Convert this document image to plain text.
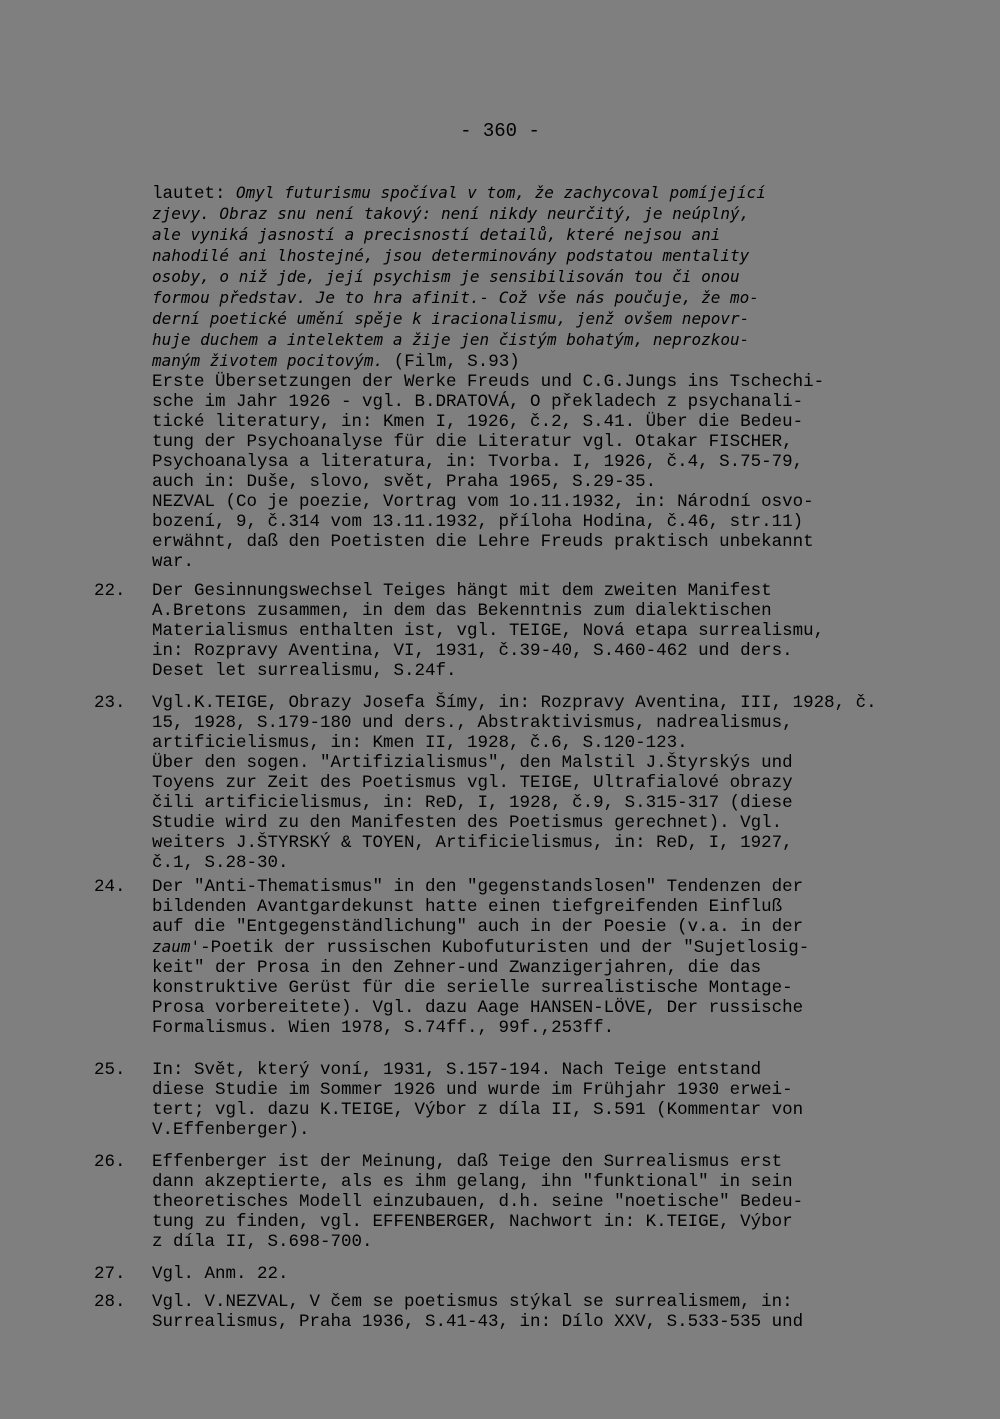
- 360 -
lautet: Omyl futurismu spočíval v tom, že zachycoval pomíjející
zjevy. Obraz snu není takový: není nikdy neurčitý, je neúplný,
ale vyniká jasností a precisností detailů, které nejsou ani
nahodilé ani lhostejné, jsou determinovány podstatou mentality
osoby, o niž jde, její psychism je sensibilisován tou či onou
formou představ. Je to hra afinit.- Což vše nás poučuje, že mo-
derní poetické umění spěje k iracionalismu, jenž ovšem nepovr-
huje duchem a intelektem a žije jen čistým bohatým, neprozkou-
maným životem pocitovým. (Film, S.93)
Erste Übersetzungen der Werke Freuds und C.G.Jungs ins Tschechi-
sche im Jahr 1926 - vgl. B.DRATOVÁ, O překladech z psychanali-
tické literatury, in: Kmen I, 1926, č.2, S.41. Über die Bedeu-
tung der Psychoanalyse für die Literatur vgl. Otakar FISCHER,
Psychoanalysa a literatura, in: Tvorba. I, 1926, č.4, S.75-79,
auch in: Duše, slovo, svět, Praha 1965, S.29-35.
NEZVAL (Co je poezie, Vortrag vom 1o.11.1932, in: Národní osvo-
bození, 9, č.314 vom 13.11.1932, příloha Hodina, č.46, str.11)
erwähnt, daß den Poetisten die Lehre Freuds praktisch unbekannt
war.
22. Der Gesinnungswechsel Teiges hängt mit dem zweiten Manifest
A.Bretons zusammen, in dem das Bekenntnis zum dialektischen
Materialismus enthalten ist, vgl. TEIGE, Nová etapa surrealismu,
in: Rozpravy Aventina, VI, 1931, č.39-40, S.460-462 und ders.
Deset let surrealismu, S.24f.
23. Vgl.K.TEIGE, Obrazy Josefa Šímy, in: Rozpravy Aventina, III, 1928, č.
15, 1928, S.179-180 und ders., Abstraktivismus, nadrealismus,
artificielismus, in: Kmen II, 1928, č.6, S.120-123.
Über den sogen. "Artifizialismus", den Malstil J.Štyrskýs und
Toyens zur Zeit des Poetismus vgl. TEIGE, Ultrafialové obrazy
čili artificielismus, in: ReD, I, 1928, č.9, S.315-317 (diese
Studie wird zu den Manifesten des Poetismus gerechnet). Vgl.
weiters J.ŠTYRSKÝ & TOYEN, Artificielismus, in: ReD, I, 1927,
č.1, S.28-30.
24. Der "Anti-Thematismus" in den "gegenstandslosen" Tendenzen der
bildenden Avantgardekunst hatte einen tiefgreifenden Einfluß
auf die "Entgegenständlichung" auch in der Poesie (v.a. in der
zaum'-Poetik der russischen Kubofuturisten und der "Sujetlosig-
keit" der Prosa in den Zehner-und Zwanzigerjahren, die das
konstruktive Gerüst für die serielle surrealistische Montage-
Prosa vorbereitete). Vgl. dazu Aage HANSEN-LÖVE, Der russische
Formalismus. Wien 1978, S.74ff., 99f.,253ff.
25. In: Svět, který voní, 1931, S.157-194. Nach Teige entstand
diese Studie im Sommer 1926 und wurde im Frühjahr 1930 erwei-
tert; vgl. dazu K.TEIGE, Výbor z díla II, S.591 (Kommentar von
V.Effenberger).
26. Effenberger ist der Meinung, daß Teige den Surrealismus erst
dann akzeptierte, als es ihm gelang, ihn "funktional" in sein
theoretisches Modell einzubauen, d.h. seine "noetische" Bedeu-
tung zu finden, vgl. EFFENBERGER, Nachwort in: K.TEIGE, Výbor
z díla II, S.698-700.
27. Vgl. Anm. 22.
28. Vgl. V.NEZVAL, V čem se poetismus stýkal se surrealismem, in:
Surrealismus, Praha 1936, S.41-43, in: Dílo XXV, S.533-535 und
